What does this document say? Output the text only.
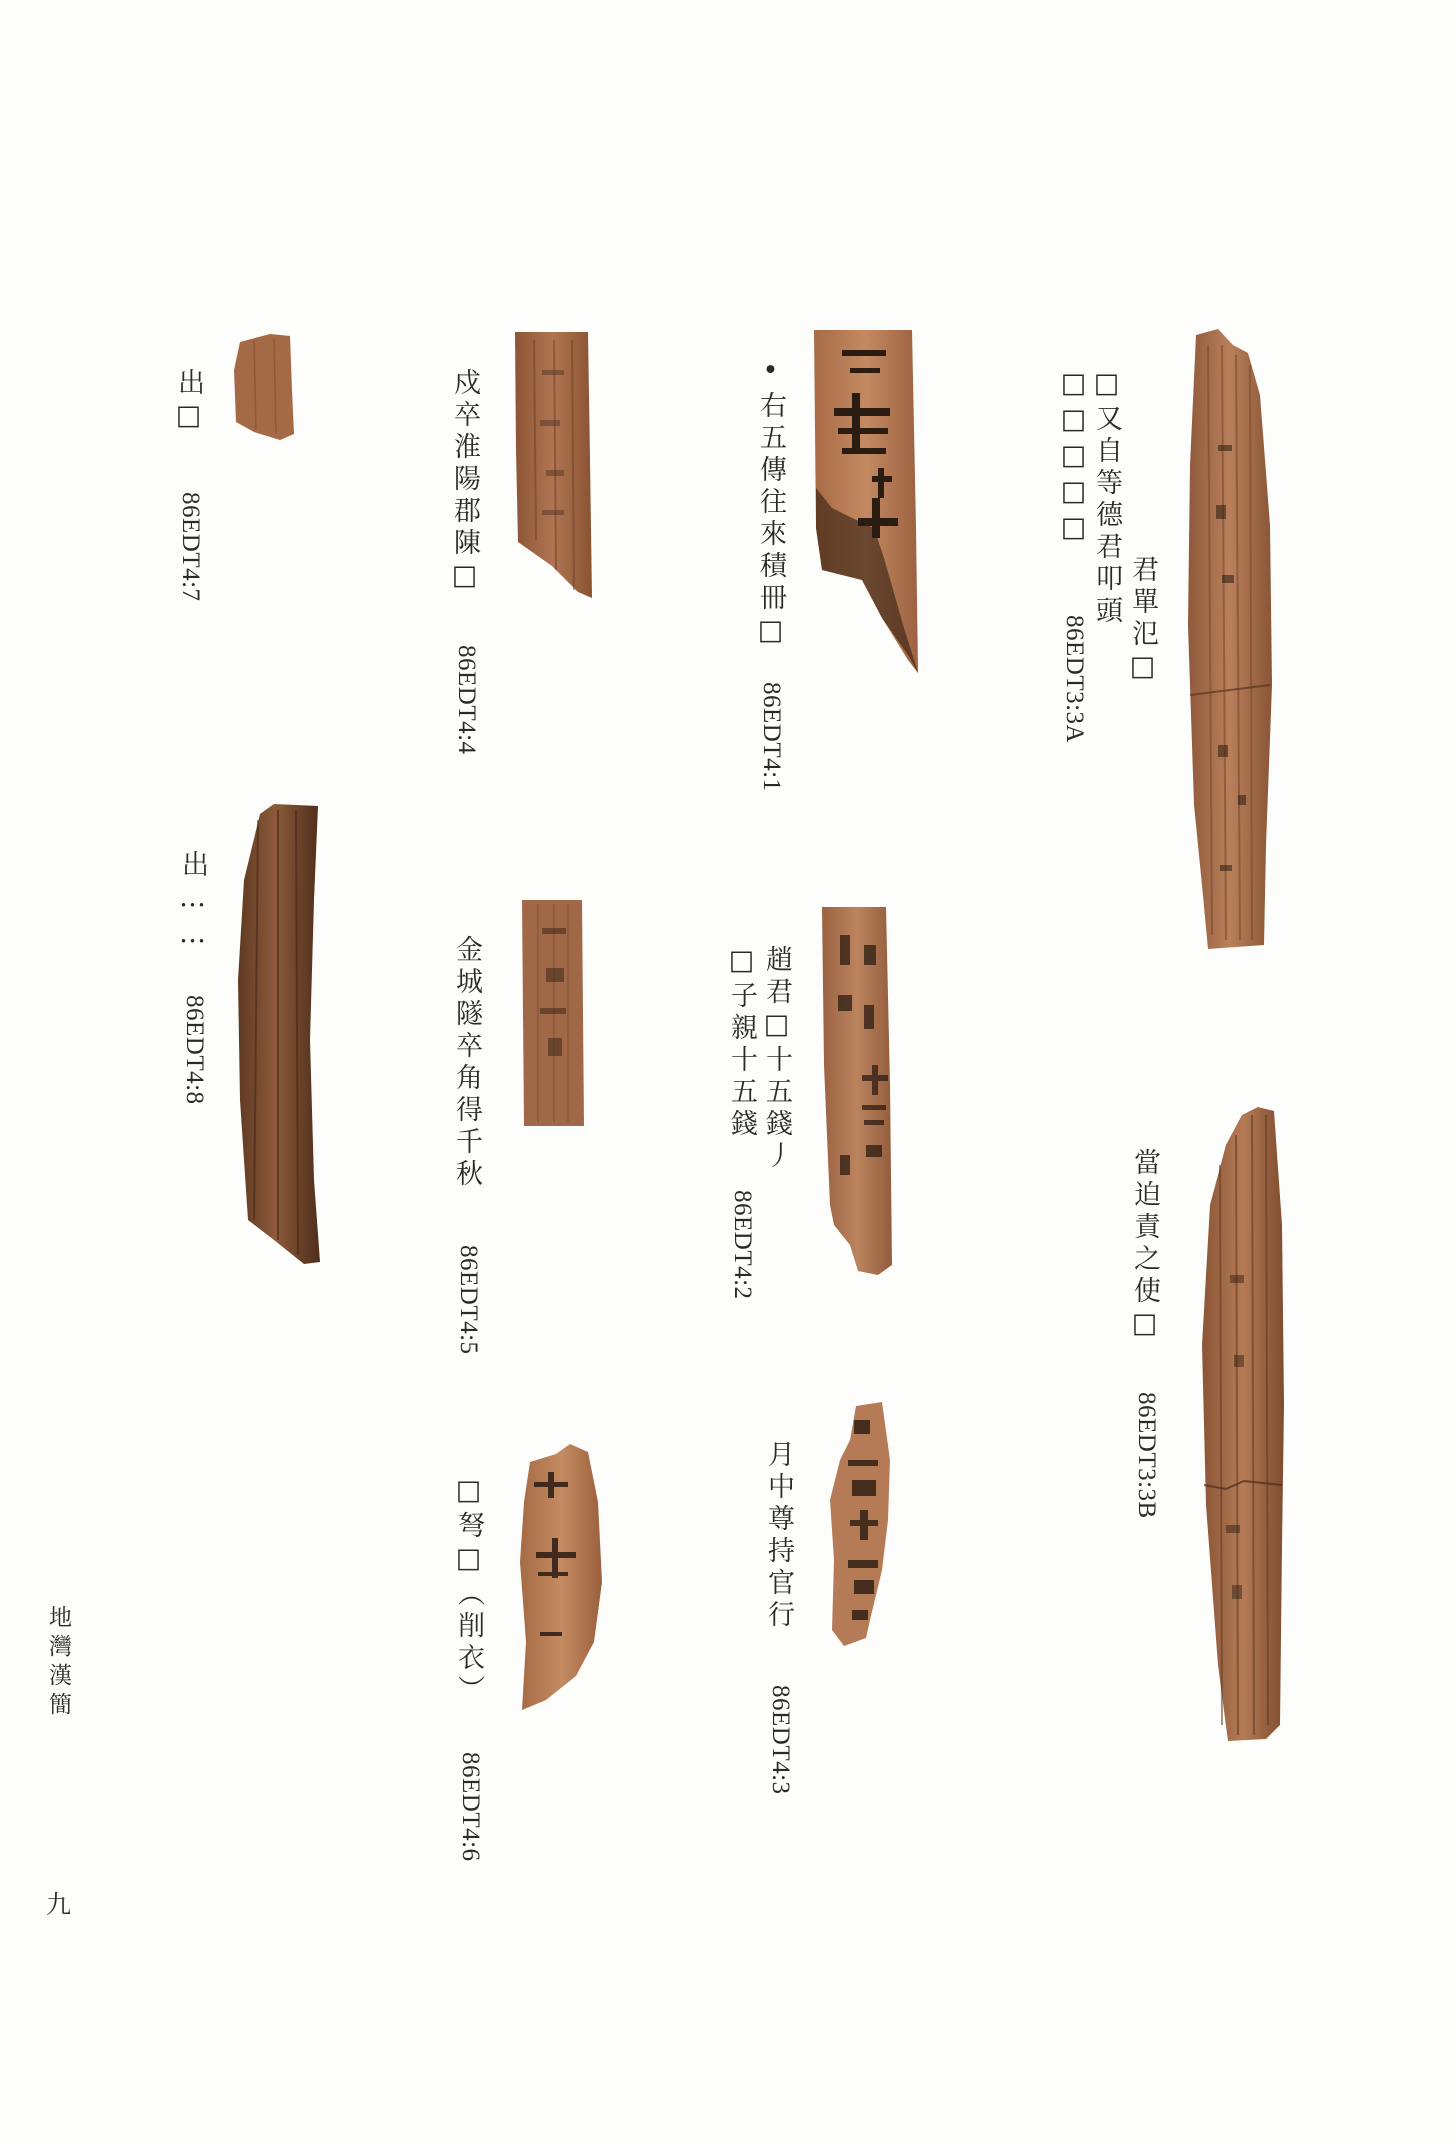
君單氾□
□又自等德君叩頭
□□□□□
86EDT3:3A
•右五傳往來積冊□
86EDT4:1
戍卒淮陽郡陳□
86EDT4:4
出□
86EDT4:7
當迫責之使□
86EDT3:3B
趙君□十五錢丿
□子親十五錢
86EDT4:2
金城隧卒角得千秋
86EDT4:5
出……
86EDT4:8
月中尊持官行
86EDT4:3
□弩□（削衣）
86EDT4:6
地灣漢簡
九
